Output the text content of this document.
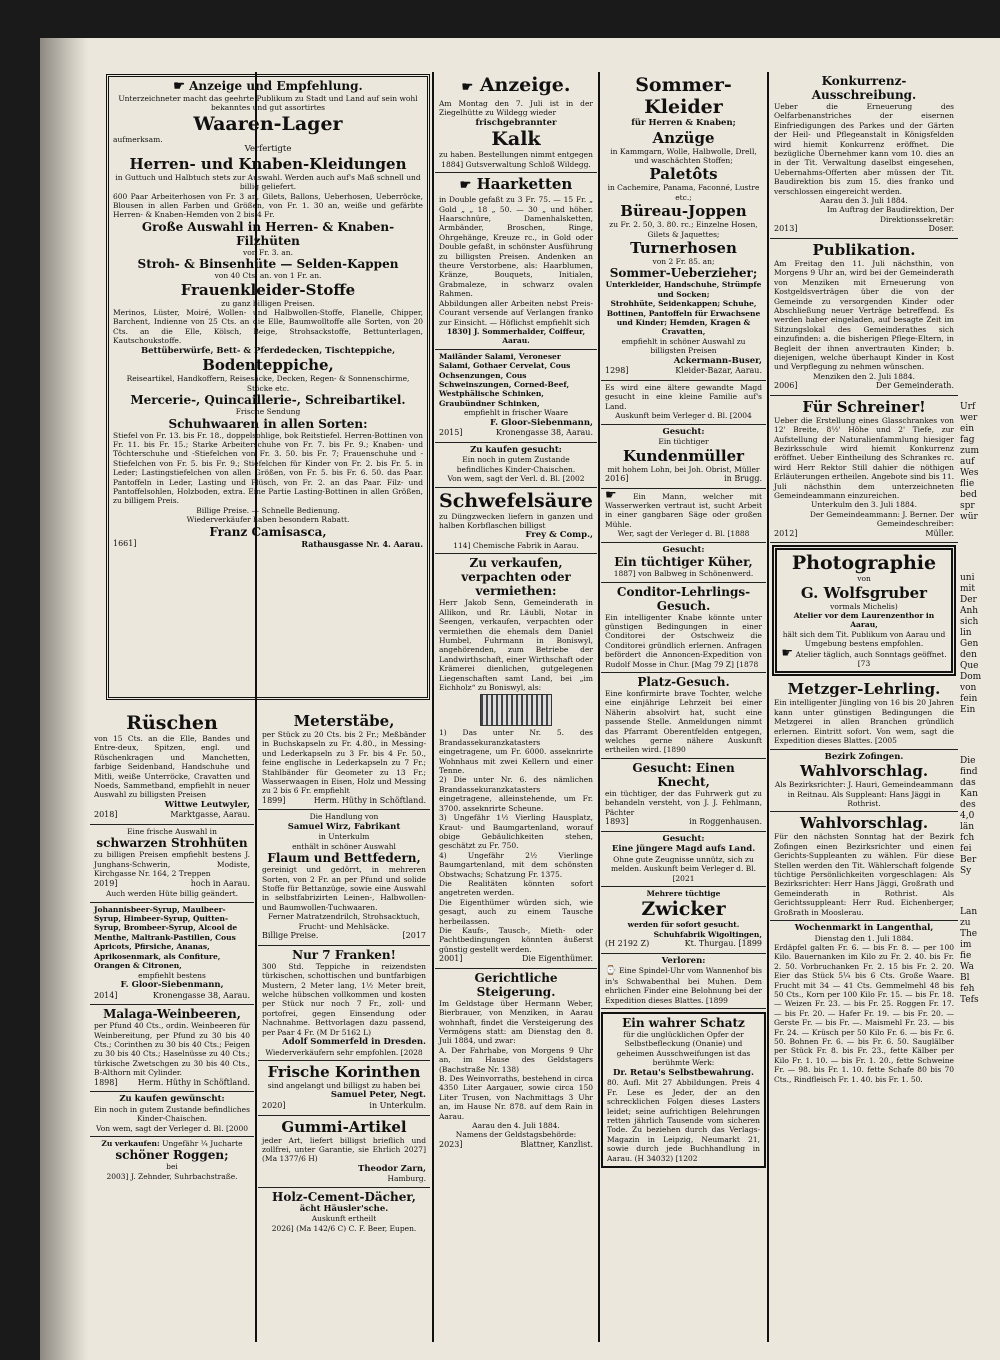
☛ Anzeige und Empfehlung.

Unterzeichneter macht das geehrte Publikum zu Stadt und Land auf sein wohl bekanntes und gut assortirtes

Waaren-Lager

aufmerksam.

Verfertigte

Herren- und Knaben-Kleidungen

in Guttuch und Halbtuch stets zur Auswahl. Werden auch auf's Maß schnell und billig geliefert.

600 Paar Arbeiterhosen von Fr. 3 an, Gilets, Ballons, Ueberhosen, Ueberröcke, Blousen in allen Farben und Größen, von Fr. 1. 30 an, weiße und gefärbte Herren- & Knaben-Hemden von 2 bis 4 Fr.

Große Auswahl in Herren- & Knaben-Filzhüten

von Fr. 3. an.

Stroh- & Binsenhüte — Selden-Kappen

von 40 Cts. an. von 1 Fr. an.

Frauenkleider-Stoffe

zu ganz billigen Preisen.

Merinos, Lüster, Moiré, Wollen- und Halbwollen-Stoffe, Flanelle, Chipper, Barchent, Indienne von 25 Cts. an die Elle, Baumwolltoffe alle Sorten, von 20 Cts. an die Elle, Kölsch, Beige, Strohsackstoffe, Bettunterlagen, Kautschoukstoffe.

Bettüberwürfe, Bett- & Pferdedecken, Tischteppiche,

Bodenteppiche,

Reiseartikel, Handkoffern, Reisesäcke, Decken, Regen- & Sonnenschirme, Stöcke etc.

Mercerie-, Quincaillerie-, Schreibartikel.

Frische Sendung

Schuhwaaren in allen Sorten:

Stiefel von Fr. 13. bis Fr. 18., doppelsohlige, bok Reitstiefel. Herren-Bottinen von Fr. 11. bis Fr. 15.; Starke Arbeiterschuhe von Fr. 7. bis Fr. 9.; Knaben- und Töchterschuhe und -Stiefelchen von Fr. 3. 50. bis Fr. 7; Frauenschuhe und -Stiefelchen von Fr. 5. bis Fr. 9.; Stiefelchen für Kinder von Fr. 2. bis Fr. 5. in Leder; Lastingstiefelchen von allen Größen, von Fr. 5. bis Fr. 6. 50. das Paar. Pantoffeln in Leder, Lasting und Plüsch, von Fr. 2. an das Paar. Filz- und Pantoffelsohlen, Holzboden, extra. Eine Partie Lasting-Bottinen in allen Größen, zu billigem Preis.

Billige Preise. — Schnelle Bedienung.

Wiederverkäufer haben besondern Rabatt.

Franz Camisasca,

1661]	Rathausgasse Nr. 4. Aarau.

Rüschen

von 15 Cts. an die Elle, Bandes und Entre-deux, Spitzen, engl. und Rüschenkragen und Manchetten, farbige Seidenband, Handschuhe und Mitli, weiße Unterröcke, Cravatten und Noeds, Sammetband, empfiehlt in neuer Auswahl zu billigsten Preisen

Wittwe Leutwyler,

2018]	Marktgasse, Aarau.

Eine frische Auswahl in

schwarzen Strohhüten

zu billigen Preisen empfiehlt bestens J. Junghans-Schwerin, Modiste, Kirchgasse Nr. 164, 2 Treppen

2019]	hoch in Aarau.

Auch werden Hüte billig geändert.

Johannisbeer-Syrup, Maulbeer-Syrup, Himbeer-Syrup, Quitten-Syrup, Brombeer-Syrup, Alcool de Menthe, Maltrank-Pastillen, Cous Apricots, Pfirsiche, Ananas, Aprikosenmark, als Confiture, Orangen & Citronen,

empfiehlt bestens

F. Gloor-Siebenmann,

2014]	Kronengasse 38, Aarau.

Malaga-Weinbeeren,

per Pfund 40 Cts., ordin. Weinbeeren für Weinbereitung, per Pfund zu 30 bis 40 Cts.; Corinthen zu 30 bis 40 Cts.; Feigen zu 30 bis 40 Cts.; Haselnüsse zu 40 Cts.; türkische Zwetschgen zu 30 bis 40 Cts., B-Althorn mit Cylinder.

1898]	Herm. Hüthy in Schöftland.

Zu kaufen gewünscht:

Ein noch in gutem Zustande befindliches Kinder-Chaischen.

Von wem, sagt der Verleger d. Bl. [2000

Zu verkaufen: Ungefähr ¼ Jucharte

schöner Roggen;

bei

2003] J. Zehnder, Suhrbachstraße.

Meterstäbe,

per Stück zu 20 Cts. bis 2 Fr.; Meßbänder in Buchskapseln zu Fr. 4.80., in Messing- und Lederkapseln zu 3 Fr. bis 4 Fr. 50., feine englische in Lederkapseln zu 7 Fr.; Stahlbänder für Geometer zu 13 Fr.; Wasserwaagen in Eisen, Holz und Messing zu 2 bis 6 Fr. empfiehlt

1899]	Herm. Hüthy in Schöftland.

Die Handlung von

Samuel Wirz, Fabrikant

in Unterkulm

enthält in schöner Auswahl

Flaum und Bettfedern,

gereinigt und gedörrt, in mehreren Sorten, von 2 Fr. an per Pfund und solide Stoffe für Bettanzüge, sowie eine Auswahl in selbstfabrizirten Leinen-, Halbwollen- und Baumwollen-Tuchwaaren.

Ferner Matratzendrilch, Strohsacktuch, Frucht- und Mehlsäcke.

Billige Preise.	[2017

Nur 7 Franken!

300 Std. Teppiche in reizendsten türkischen, schottischen und buntfarbigen Mustern, 2 Meter lang, 1½ Meter breit, welche hübschen vollkommen und kosten per Stück nur noch 7 Fr., zoll- und portofrei, gegen Einsendung oder Nachnahme. Bettvorlagen dazu passend, per Paar 4 Fr. (M Dr 5162 L)

Adolf Sommerfeld in Dresden.

Wiederverkäufern sehr empfohlen. [2028

Frische Korinthen

sind angelangt und billigst zu haben bei

Samuel Peter, Negt.

2020]	in Unterkulm.

Gummi-Artikel

jeder Art, liefert billigst brieflich und zollfrei, unter Garantie, sie Ehrlich 2027] (Ma 1377/6 H)

Theodor Zarn,

Hamburg.

Holz-Cement-Dächer,

ächt Häusler'sche.

Auskunft ertheilt

2026] (Ma 142/6 C) C. F. Beer, Eupen.

☛ Anzeige.

Am Montag den 7. Juli ist in der Ziegelhütte zu Wildegg wieder

frischgebrannter

Kalk

zu haben. Bestellungen nimmt entgegen

1884] Gutsverwaltung Schloß Wildegg.

☛ Haarketten

in Double gefaßt zu 3 Fr. 75. — 15 Fr. „ Gold „ „ 18 „ 50. — 30 „ und höher. Haarschnüre, Damenhalsketten, Armbänder, Broschen, Ringe, Ohrgehänge, Kreuze rc., in Gold oder Double gefaßt, in schönster Ausführung zu billigsten Preisen. Andenken an theure Verstorbene, als: Haarblumen, Kränze, Bouquets, Initialen, Grabmaleze, in schwarz ovalen Rahmen.

Abbildungen aller Arbeiten nebst Preis-Courant versende auf Verlangen franko zur Einsicht. — Höflichst empfiehlt sich

1830] J. Sommerhalder, Coiffeur, Aarau.

Mailänder Salami, Veroneser Salami, Gothaer Cervelat, Cous Ochsenzungen, Cous Schweinszungen, Corned-Beef, Westphälische Schinken, Graubündner Schinken,

empfiehlt in frischer Waare

F. Gloor-Siebenmann,

2015]	Kronengasse 38, Aarau.

Zu kaufen gesucht:

Ein noch in gutem Zustande befindliches Kinder-Chaischen.

Von wem, sagt der Verl. d. Bl. [2002

Schwefelsäure

zu Düngzwecken liefern in ganzen und halben Korbflaschen billigst

Frey & Comp.,

114] Chemische Fabrik in Aarau.

Zu verkaufen, verpachten oder vermiethen:

Herr Jakob Senn, Gemeinderath in Allikon, und Rr. Läubli, Notar in Seengen, verkaufen, verpachten oder vermiethen die ehemals dem Daniel Humbel, Fuhrmann in Boniswyl, angehörenden, zum Betriebe der Landwirthschaft, einer Wirthschaft oder Krämerei dienlichen, gutgelegenen Liegenschaften samt Land, bei „im Eichholz“ zu Boniswyl, als:

1) Das unter Nr. 5. des Brandassekuranzkatasters eingetragene, um Fr. 6000. asseknrirte Wohnhaus mit zwei Kellern und einer Tenne.

2) Die unter Nr. 6. des nämlichen Brandassekuranzkatasters eingetragene, alleinstehende, um Fr. 3700. asseknrirte Scheune.

3) Ungefähr 1½ Vierling Hausplatz, Kraut- und Baumgartenland, worauf obige Gebäulichkeiten stehen, geschätzt zu Fr. 750.

4) Ungefähr 2½ Vierlinge Baumgartenland, mit dem schönsten Obstwachs; Schatzung Fr. 1375.

Die Realitäten könnten sofort angetreten werden.

Die Eigenthümer würden sich, wie gesagt, auch zu einem Tausche herbeilassen.

Die Kaufs-, Tausch-, Mieth- oder Pachtbedingungen könnten äußerst günstig gestellt werden.

2001]	Die Eigenthümer.

Gerichtliche Steigerung.

Im Geldstage über Hermann Weber, Bierbrauer, von Menziken, in Aarau wohnhaft, findet die Versteigerung des Vermögens statt: am Dienstag den 8. Juli 1884, und zwar:

A. Der Fahrhabe, von Morgens 9 Uhr an, im Hause des Geldstagers (Bachstraße Nr. 138)

B. Des Weinvorraths, bestehend in circa 4350 Liter Aargauer, sowie circa 150 Liter Trusen, von Nachmittags 3 Uhr an, im Hause Nr. 878. auf dem Rain in Aarau.

Aarau den 4. Juli 1884.

Namens der Geldstagsbehörde:

2023]	Blattner, Kanzlist.

Sommer-Kleider

für Herren & Knaben;

Anzüge

in Kammgarn, Wolle, Halbwolle, Drell, und waschächten Stoffen;

Paletôts

in Cachemire, Panama, Faconné, Lustre etc.;

Büreau-Joppen

zu Fr. 2. 50, 3. 80. rc.; Einzelne Hosen, Gilets & Jaquettes;

Turnerhosen

von 2 Fr. 85. an;

Sommer-Ueberzieher;

Unterkleider, Handschuhe, Strümpfe und Socken;

Strohhüte, Seidenkappen; Schuhe, Bottinen, Pantoffeln für Erwachsene und Kinder; Hemden, Kragen & Cravatten,

empfiehlt in schöner Auswahl zu billigsten Preisen

Ackermann-Buser,

1298]	Kleider-Bazar, Aarau.

Es wird eine ältere gewandte Magd gesucht in eine kleine Familie auf's Land.

Auskunft beim Verleger d. Bl. [2004

Gesucht:

Ein tüchtiger

Kundenmüller

mit hohem Lohn, bei Joh. Obrist, Müller

2016]	in Brugg.

☛ Ein Mann, welcher mit Wasserwerken vertraut ist, sucht Arbeit in einer gangbaren Säge oder großen Mühle.

Wer, sagt der Verleger d. Bl. [1888

Gesucht:

Ein tüchtiger Küher,

1887] von Balbweg in Schönenwerd.

Conditor-Lehrlings-Gesuch.

Ein intelligenter Knabe könnte unter günstigen Bedingungen in einer Conditorei der Ostschweiz die Conditorei gründlich erlernen. Anfragen befördert die Annoncen-Expedition von Rudolf Mosse in Chur. [Mag 79 Z] [1878

Platz-Gesuch.

Eine konfirmirte brave Tochter, welche eine einjährige Lehrzeit bei einer Näherin absolvirt hat, sucht eine passende Stelle. Anmeldungen nimmt das Pfarramt Oberentfelden entgegen, welches gerne nähere Auskunft ertheilen wird. [1890

Gesucht: Einen Knecht,

ein tüchtiger, der das Fuhrwerk gut zu behandeln versteht, von J. J. Fehlmann, Pächter

1893]	in Roggenhausen.

Gesucht:

Eine jüngere Magd aufs Land.

Ohne gute Zeugnisse unnütz, sich zu melden. Auskunft beim Verleger d. Bl. [2021

Mehrere tüchtige

Zwicker

werden für sofort gesucht.

Schuhfabrik Wigoltingen,

(H 2192 Z)	Kt. Thurgau. [1899

Verloren:

⌚ Eine Spindel-Uhr vom Wannenhof bis in's Schwabenthal bei Muhen. Dem ehrlichen Finder eine Belohnung bei der Expedition dieses Blattes. [1899

Ein wahrer Schatz

für die unglücklichen Opfer der Selbstbefleckung (Onanie) und geheimen Ausschweifungen ist das berühmte Werk:

Dr. Retau's Selbstbewahrung.

80. Aufl. Mit 27 Abbildungen. Preis 4 Fr. Lese es Jeder, der an den schrecklichen Folgen dieses Lasters leidet; seine aufrichtigen Belehrungen retten jährlich Tausende vom sicheren Tode. Zu beziehen durch das Verlags-Magazin in Leipzig, Neumarkt 21, sowie durch jede Buchhandlung in Aarau. (H 34032) [1202

Konkurrenz-Ausschreibung.

Ueber die Erneuerung des Oelfarbenanstriches der eisernen Einfriedigungen des Parkes und der Gärten der Heil- und Pflegeanstalt in Königsfelden wird hiemit Konkurrenz eröffnet. Die bezügliche Übernehmer kann vom 10. dies an in der Tit. Verwaltung daselbst eingesehen, Uebernahms-Offerten aber müssen der Tit. Baudirektion bis zum 15. dies franko und verschlossen eingereicht werden.

Aarau den 3. Juli 1884.

Im Auftrag der Baudirektion, Der Direktionssekretär:

2013]	Doser.

Publikation.

Am Freitag den 11. Juli nächsthin, von Morgens 9 Uhr an, wird bei der Gemeinderath von Menziken mit Erneuerung von Kostgeldsverträgen über die von der Gemeinde zu versorgenden Kinder oder Abschließung neuer Verträge betreffend. Es werden haber eingeladen, auf besagte Zeit im Sitzungslokal des Gemeinderathes sich einzufinden: a. die bisherigen Pflege-Eltern, in Begleit der ihnen anvertrauten Kinder; b. diejenigen, welche überhaupt Kinder in Kost und Verpflegung zu nehmen wünschen.

Menziken den 2. Juli 1884.

2006]	Der Gemeinderath.

Für Schreiner!

Ueber die Erstellung eines Glasschrankes von 12' Breite, 8½' Höhe und 2' Tiefe, zur Aufstellung der Naturalienfammlung hiesiger Bezirksschule wird hiemit Konkurrenz eröffnet. Ueber Eintheilung des Schrankes rc. wird Herr Rektor Still dahier die nöthigen Erläuterungen ertheilen. Angebote sind bis 11. Juli nächsthin dem unterzeichneten Gemeindeammann einzureichen.

Unterkulm den 3. Juli 1884.

Der Gemeindeammann: J. Berner. Der Gemeindeschreiber:

2012]	Müller.

Photographie

von

G. Wolfsgruber

vormals Michelis)

Atelier vor dem Laurenzenthor in Aarau,

hält sich dem Tit. Publikum von Aarau und Umgebung bestens empfohlen.

☛ Atelier täglich, auch Sonntags geöffnet. [73

Metzger-Lehrling.

Ein intelligenter Jüngling von 16 bis 20 Jahren kann unter günstigen Bedingungen die Metzgerei in allen Branchen gründlich erlernen. Eintritt sofort. Von wem, sagt die Expedition dieses Blattes. [2005

Bezirk Zofingen.

Wahlvorschlag.

Als Bezirksrichter: J. Hauri, Gemeindeammann in Reitnau. Als Suppleant: Hans Jäggi in Rothrist.

Wahlvorschlag.

Für den nächsten Sonntag hat der Bezirk Zofingen einen Bezirksrichter und einen Gerichts-Suppleanten zu wählen. Für diese Stellen werden den Tit. Wählerschaft folgende tüchtige Persönlichkeiten vorgeschlagen: Als Bezirksrichter: Herr Hans Jäggi, Großrath und Gemeinderath in Rothrist. Als Gerichtssuppleant: Herr Rud. Eichenberger, Großrath in Mooslerau.

Wochenmarkt in Langenthal,

Dienstag den 1. Juli 1884.

Erdäpfel galten Fr. 6. — bis Fr. 8. — per 100 Kilo. Bauernanken im Kilo zu Fr. 2. 40. bis Fr. 2. 50. Vorbruchanken Fr. 2. 15 bis Fr. 2. 20. Eier das Stück 5¼ bis 6 Cts. Große Waare. Frucht mit 34 — 41 Cts. Gemmelmehl 48 bis 50 Cts., Korn per 100 Kilo Fr. 15. — bis Fr. 18. — Weizen Fr. 23. — bis Fr. 25. Roggen Fr. 17. — bis Fr. 20. — Hafer Fr. 19. — bis Fr. 20. — Gerste Fr. — bis Fr. —. Maismehl Fr. 23. — bis Fr. 24. — Krüsch per 50 Kilo Fr. 6. — bis Fr. 6. 50. Bohnen Fr. 6. — bis Fr. 6. 50. Sauglälber per Stück Fr. 8. bis Fr. 23., fette Kälber per Kilo Fr. 1. 10. — bis Fr. 1. 20., fette Schweine Fr. — 98. bis Fr. 1. 10. fette Schafe 80 bis 70 Cts., Rindfleisch Fr. 1. 40. bis Fr. 1. 50.

Urf
wer
ein
fag
zum
auf
Wes
flie
bed
spr
wür
uni
mit
Der
Anh
sich
lin
Gen
den
Que
Dom
von
fein
Ein
Die
find
das
Kan
des
4,0
län
fch
fei
Ber
Sy
Lan
zu
The
im
fie
Wa
Bl
feh
Tefs
